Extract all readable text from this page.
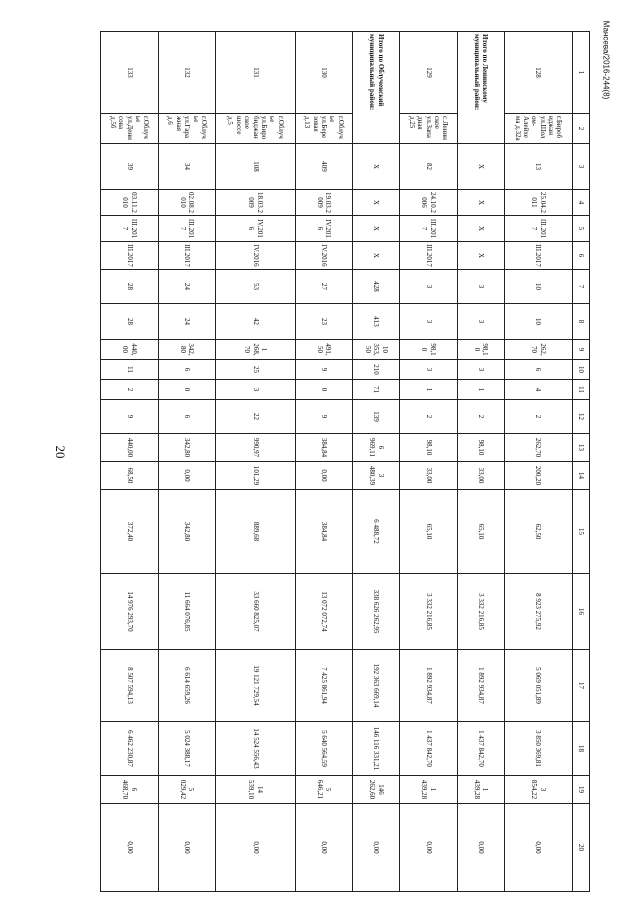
20
Мансева/2016-244(8)
1	2	3	4	5	6	7	8	9	10	11	12	13	14	15	16	17	18	19	20	
128	г.Биробиджан ул.Шолом-Алейхема д.32а	13	25.04.2011	III.2017	III.2017	10	10	262,70	6	4	2	262,70	200,20	62,50	8 923 275,92	5 069 051,89	3 850 369,81	3 854,22	0,00	
Итого по Ленинскому муниципальный район:		X	X	X	X	3	3	98,10	3	1	2	98,10	33,00	65,10	3 332 216,85	1 892 934,87	1 437 842,70	1 439,28	0,00	
129	с.Ленинское ул.Западная д.25	82	24.10.2006	III.2017	III.2017	3	3	98,10	3	1	2	98,10	33,00	65,10	3 332 216,85	1 892 934,87	1 437 842,70	1 439,28	0,00	
Итого по Облученский муниципальный район:		X	X	X	X	428	413	10 353,50	210	71	139	6 969,11	3 480,39	6 488,72	338 626 262,95	192 363 669,14	146 116 331,21	146 262,60	0,00	
130	г.Облучье ул.Березовая д.13	409	19.03.2009	IV.2016	IV.2016	27	23	491,50	9	0	9	384,84	0,00	384,84	13 072 072,74	7 425 861,94	5 640 564,59	5 646,21	0,00	
131	г.Облучье ул.Биробиджанское шоссе д.5	108	18.03.2009	IV.2016	IV.2016	53	42	1 268,70	25	3	22	990,97	101,29	889,68	33 660 825,07	19 121 729,54	14 524 556,43	14 539,10	0,00	
132	г.Облучье ул.Гаражная д.6	34	02.08.2010	III.2017	III.2017	24	24	342,80	6	0	6	342,80	0,00	342,80	11 664 076,85	6 614 659,26	5 024 388,17	5 029,42	0,00	
133	г.Облучье ул.Денисова д.5б	39	03.11.2010	III.2017	III.2017	28	28	440,00	11	2	9	440,00	68,50	372,40	14 976 293,70	8 507 594,13	6 462 230,87	6 468,70	0,00	
